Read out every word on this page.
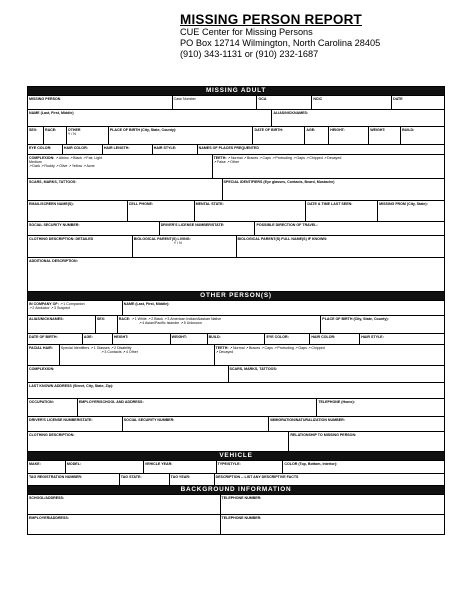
MISSING PERSON REPORT
CUE Center for Missing Persons
PO Box 12714 Wilmington, North Carolina 28405
(910) 343-1131 or (910) 232-1687
MISSING ADULT
MISSING PERSON	Case Number	OCA	NCIC	DATE
NAME (Last, First, Middle)	ALIAS/NICKNAMES:
SEX:	RACE:	OTHER
Y / N
PLACE OF BIRTH (City, State, County):	DATE OF BIRTH:	AGE:	HEIGHT:	WEIGHT:	BUILD:
EYE COLOR:	HAIR COLOR:	HAIR LENGTH:	HAIR STYLE:	NAMES OF PLACES FREQUENTED
COMPLEXION: ↗ Albino ↗ Black ↗ Fair, Light
Medium
↗ Dark ↗ Ruddy ↗ Olive ↗ Yellow ↗ Acne
TEETH: ↗ Normal ↗ Braces ↗ Caps ↗ Protruding ↗ Gaps ↗ Chipped ↗ Decayed
↗ False ↗ Other
SCARS, MARKS, TATTOOS:	SPECIAL IDENTIFIERS (Eye glasses, Contacts, Beard, Mustache)
EMAIL/SCREEN NAME(S):	CELL PHONE:	MENTAL STATE:	DATE & TIME LAST SEEN:	MISSING FROM (City, State):
SOCIAL SECURITY NUMBER:	DRIVER'S LICENSE NUMBER/STATE:	POSSIBLE DIRECTION OF TRAVEL:
CLOTHING DESCRIPTION: DETAILED	BIOLOGICAL PARENT(S) LIVING:
Y / N
BIOLOGICAL PARENT(S) FULL NAME(S) IF KNOWN:
ADDITIONAL DESCRIPTION:
OTHER PERSON(S)
IN COMPANY OF: ↗ 1 Companion
↗ 2 Abductor ↗ 3 Suspect
NAME (Last, First, Middle):
ALIAS/NICKNAMES:	SEX:	RACE: ↗ 1 White ↗ 2 Black ↗ 3 American Indian/Alaskan Native
↗ 4 Asian/Pacific Islander ↗ 5 Unknown
PLACE OF BIRTH (City, State, County):
DATE OF BIRTH:	AGE:	HEIGHT:	WEIGHT:	BUILD:	EYE COLOR:	HAIR COLOR:	HAIR STYLE:
FACIAL HAIR:	Special Identifiers ↗ 1 Glasses ↗ 2 Disability
↗ 3 Contacts ↗ 4 Other
TEETH: ↗ Normal ↗ Braces ↗ Caps ↗ Protruding ↗ Gaps ↗ Chipped
↗ Decayed
COMPLEXION:	SCARS, MARKS, TATTOOS:
LAST KNOWN ADDRESS (Street, City, State, Zip):
OCCUPATION:	EMPLOYER/SCHOOL AND ADDRESS:	TELEPHONE (Home):
DRIVER'S LICENSE NUMBER/STATE:	SOCIAL SECURITY NUMBER:	IMMIGRATION/NATURALIZATION NUMBER:
CLOTHING DESCRIPTION:	RELATIONSHIP TO MISSING PERSON:
VEHICLE
MAKE:	MODEL:	VEHICLE YEAR:	TYPE/STYLE:	COLOR (Top, Bottom, Interior):
TAG REGISTRATION NUMBER:	TAG STATE:	TAG YEAR:	DESCRIPTION -- LIST ANY DESCRIPTIVE FACTS
BACKGROUND INFORMATION
SCHOOL/ADDRESS:	TELEPHONE NUMBER:
EMPLOYER/ADDRESS:	TELEPHONE NUMBER:
